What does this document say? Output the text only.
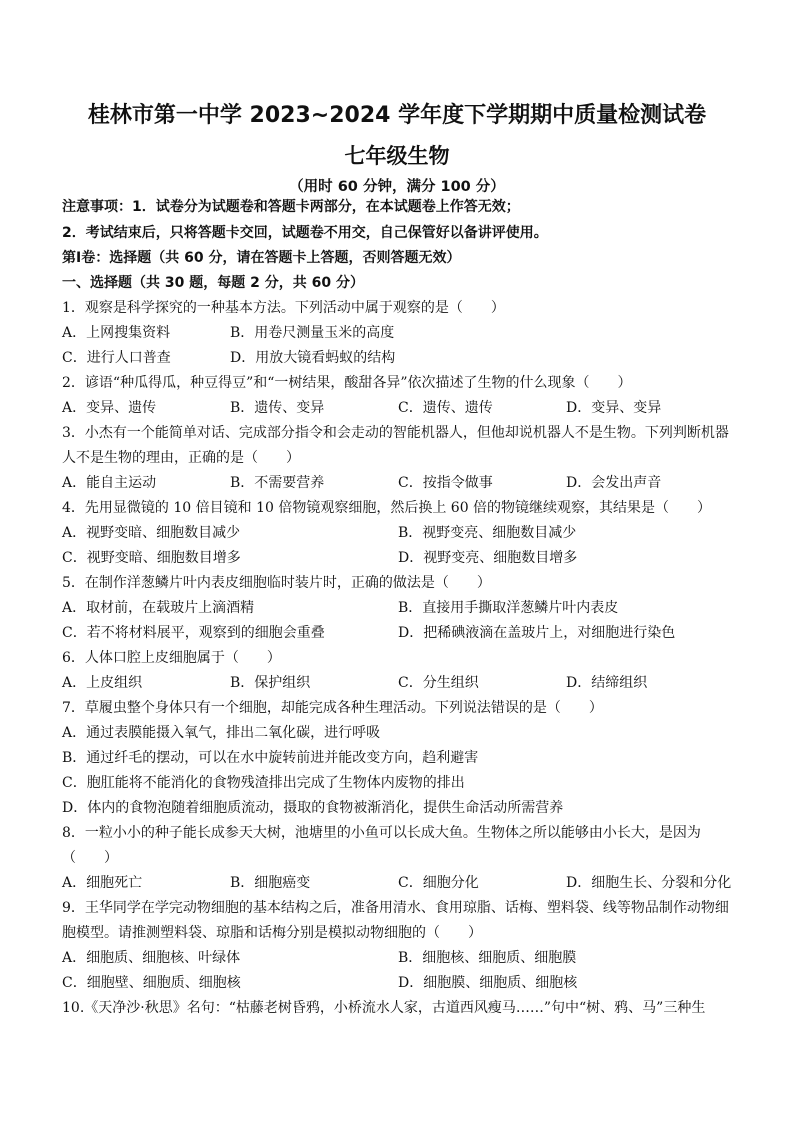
桂林市第一中学 2023~2024 学年度下学期期中质量检测试卷
七年级生物
（用时 60 分钟，满分 100 分）
注意事项：1．试卷分为试题卷和答题卡两部分，在本试题卷上作答无效；
2．考试结束后，只将答题卡交回，试题卷不用交，自己保管好以备讲评使用。
第Ⅰ卷：选择题（共 60 分，请在答题卡上答题，否则答题无效）
一、选择题（共 30 题，每题 2 分，共 60 分）
1．观察是科学探究的一种基本方法。下列活动中属于观察的是（　　）
A．上网搜集资料	B．用卷尺测量玉米的高度
C．进行人口普查	D．用放大镜看蚂蚁的结构
2．谚语“种瓜得瓜，种豆得豆”和“一树结果，酸甜各异”依次描述了生物的什么现象（　　）
A．变异、遗传	B．遗传、变异	C．遗传、遗传	D．变异、变异
3．小杰有一个能简单对话、完成部分指令和会走动的智能机器人，但他却说机器人不是生物。下列判断机器
人不是生物的理由，正确的是（　　）
A．能自主运动	B．不需要营养	C．按指令做事	D．会发出声音
4．先用显微镜的 10 倍目镜和 10 倍物镜观察细胞，然后换上 60 倍的物镜继续观察，其结果是（　　）
A．视野变暗、细胞数目减少	B．视野变亮、细胞数目减少
C．视野变暗、细胞数目增多	D．视野变亮、细胞数目增多
5．在制作洋葱鳞片叶内表皮细胞临时装片时，正确的做法是（　　）
A．取材前，在载玻片上滴酒精	B．直接用手撕取洋葱鳞片叶内表皮
C．若不将材料展平，观察到的细胞会重叠	D．把稀碘液滴在盖玻片上，对细胞进行染色
6．人体口腔上皮细胞属于（　　）
A．上皮组织	B．保护组织	C．分生组织	D．结缔组织
7．草履虫整个身体只有一个细胞，却能完成各种生理活动。下列说法错误的是（　　）
A．通过表膜能摄入氧气，排出二氧化碳，进行呼吸
B．通过纤毛的摆动，可以在水中旋转前进并能改变方向，趋利避害
C．胞肛能将不能消化的食物残渣排出完成了生物体内废物的排出
D．体内的食物泡随着细胞质流动，摄取的食物被渐消化，提供生命活动所需营养
8．一粒小小的种子能长成参天大树，池塘里的小鱼可以长成大鱼。生物体之所以能够由小长大，是因为
（　　）
A．细胞死亡	B．细胞癌变	C．细胞分化	D．细胞生长、分裂和分化
9．王华同学在学完动物细胞的基本结构之后，准备用清水、食用琼脂、话梅、塑料袋、线等物品制作动物细
胞模型。请推测塑料袋、琼脂和话梅分别是模拟动物细胞的（　　）
A．细胞质、细胞核、叶绿体	B．细胞核、细胞质、细胞膜
C．细胞壁、细胞质、细胞核	D．细胞膜、细胞质、细胞核
10.《天净沙·秋思》名句：“枯藤老树昏鸦，小桥流水人家，古道西风瘦马……”句中“树、鸦、马”三种生
